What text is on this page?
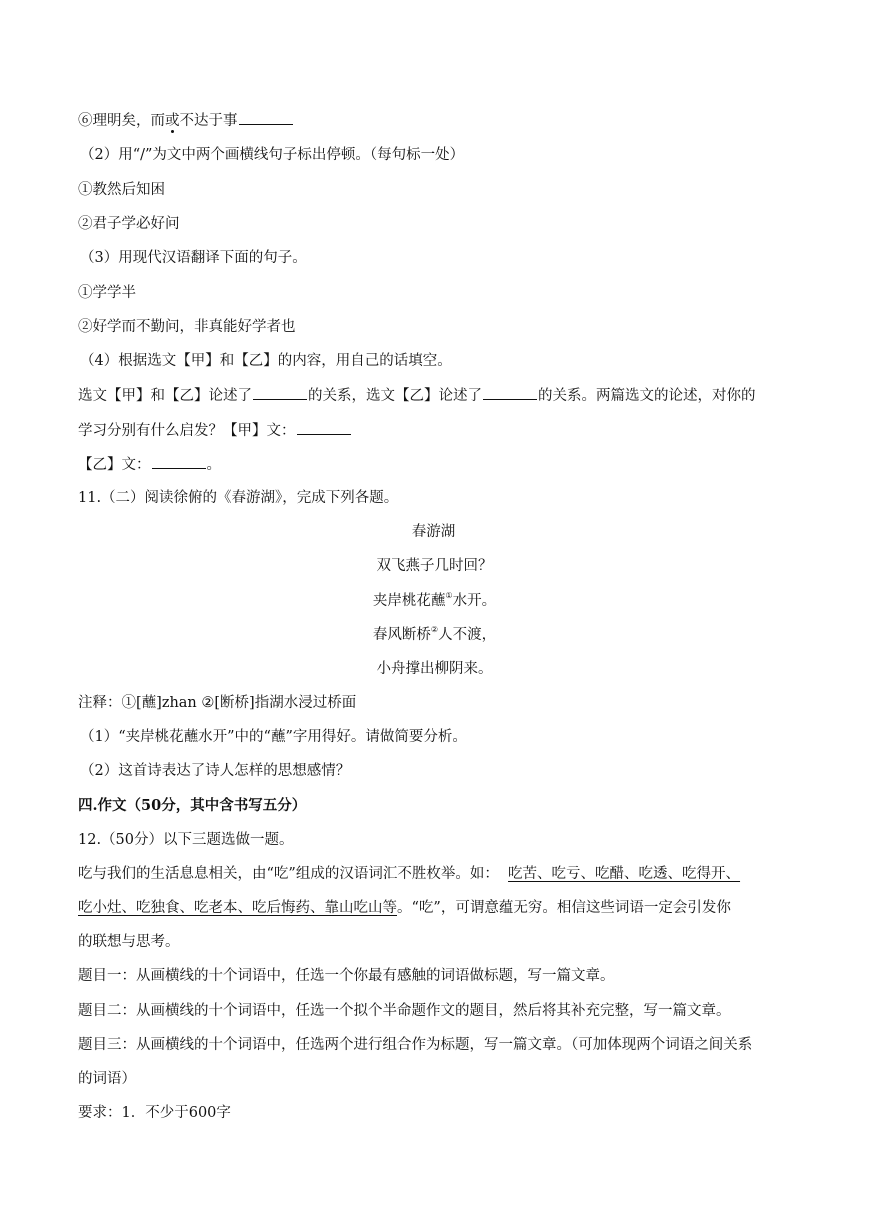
⑥理明矣，而或不达于事
（2）用“/”为文中两个画横线句子标出停顿。（每句标一处）
①教然后知困
②君子学必好问
（3）用现代汉语翻译下面的句子。
①学学半
②好学而不勤问，非真能好学者也
（4）根据选文【甲】和【乙】的内容，用自己的话填空。
选文【甲】和【乙】论述了	的关系，选文【乙】论述了	的关系。两篇选文的论述，对你的
学习分别有什么启发？【甲】文：
【乙】文：	。
11.（二）阅读徐俯的《春游湖》，完成下列各题。
春游湖
双飞燕子几时回？
夹岸桃花蘸①水开。
春风断桥②人不渡，
小舟撑出柳阴来。
注释：①[蘸]zhan ②[断桥]指湖水浸过桥面
（1）“夹岸桃花蘸水开”中的“蘸”字用得好。请做简要分析。
（2）这首诗表达了诗人怎样的思想感情？
四.作文（50分，其中含书写五分）
12.（50分）以下三题选做一题。
吃与我们的生活息息相关，由“吃”组成的汉语词汇不胜枚举。如： 吃苦、吃亏、吃醋、吃透、吃得开、
吃小灶、吃独食、吃老本、吃后悔药、靠山吃山等。“吃”，可谓意蕴无穷。相信这些词语一定会引发你
的联想与思考。
题目一：从画横线的十个词语中，任选一个你最有感触的词语做标题，写一篇文章。
题目二：从画横线的十个词语中，任选一个拟个半命题作文的题目，然后将其补充完整，写一篇文章。
题目三：从画横线的十个词语中，任选两个进行组合作为标题，写一篇文章。（可加体现两个词语之间关系
的词语）
要求：1．不少于600字
